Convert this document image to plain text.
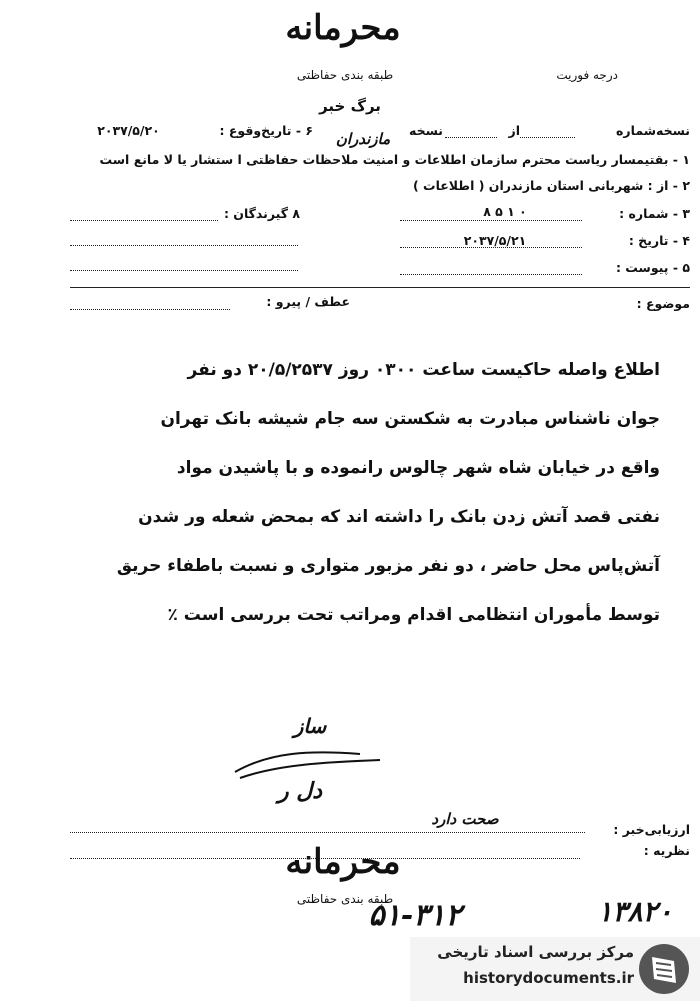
محرمانه
طبقه بندی حفاظتی	درجه فوریت
برگ خبر
نسخه‌شماره
از
نسخه
مازندران
۶ - تاریخ‌وقوع :
۲۰۳۷/۵/۲۰
۱ - بقتیمسار ریاست محترم سازمان اطلاعات و امنیت ملاحظات حفاظتی ا ستشار یا لا مانع است
۲ - از : شهربانی استان مازندران ( اطلاعات )
۳ - شماره :
۸ ۵ ۱ ۰
۸ گیرندگان :
۴ - تاریخ :
۲۰۳۷/۵/۲۱
۵ - پیوست :
عطف / پیرو :	موضوع :
اطلاع واصله حاکیست ساعت ۰۳۰۰ روز ۲۰/۵/۲۵۳۷ دو نفر
جوان ناشناس مبادرت به شکستن سه جام شیشه بانک تهران
واقع در خیابان شاه شهر چالوس رانموده و با پاشیدن مواد
نفتی قصد آتش زدن بانک را داشته اند که بمحض شعله ور شدن
آتش‌پاس محل حاضر ، دو نفر مزبور متواری و نسبت باطفاء حریق
توسط مأموران انتظامی اقدام ومراتب تحت بررسی است ٪
ساز
دل ر
ارزیابی‌خبر :
صحت دارد
نظریه :
محرمانه
طبقه بندی حفاظتی
۵۱-۳۱۲	۱۳۸۲۰
مرکز بررسی اسناد تاریخی
historydocuments.ir
